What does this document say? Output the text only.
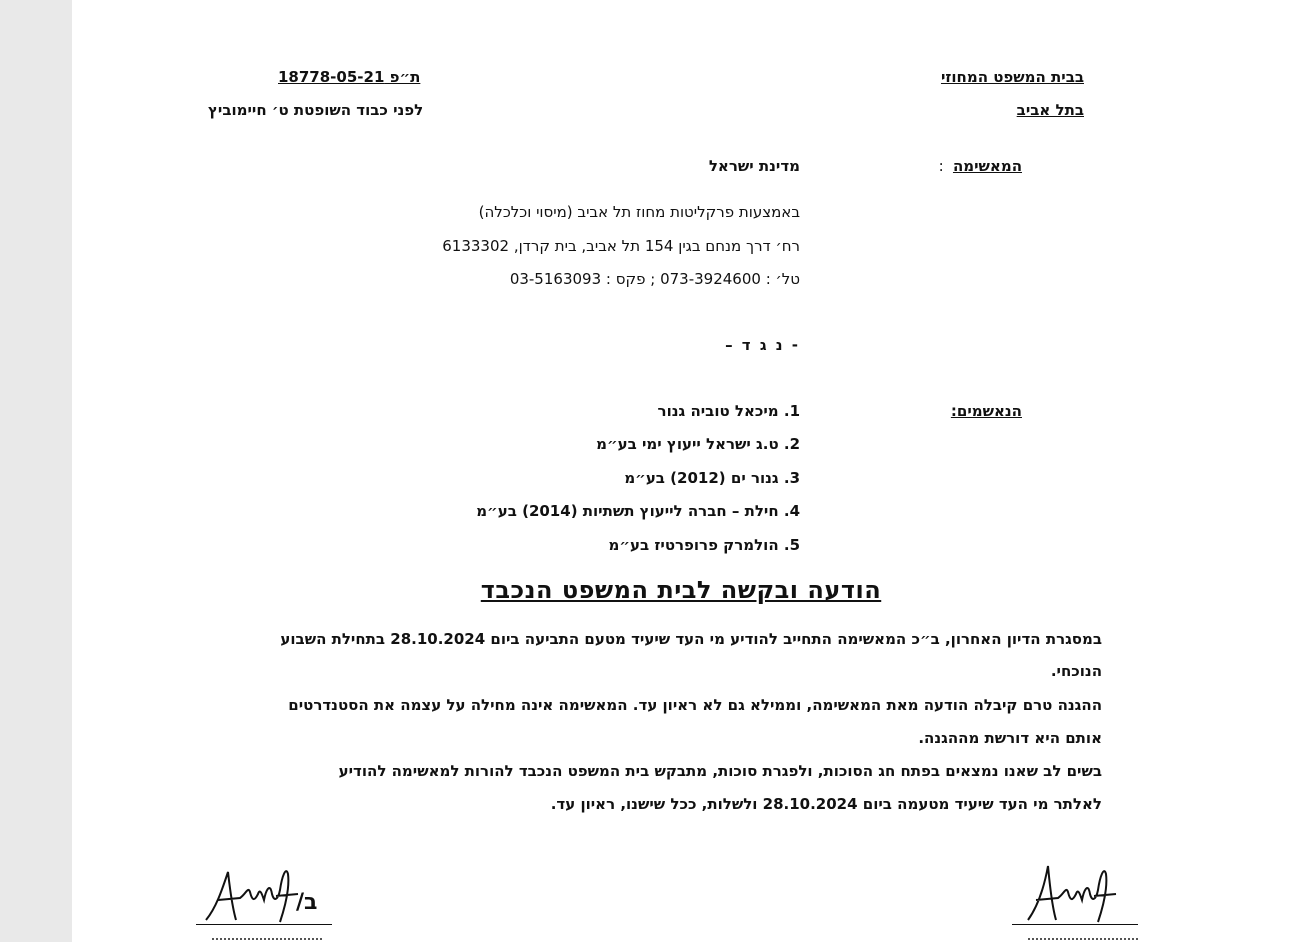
בבית המשפט המחוזי
בתל אביב
ת״פ 18778-05-21
לפני כבוד השופטת ט׳ חיימוביץ
המאשימה :
מדינת ישראל
באמצעות פרקליטות מחוז תל אביב (מיסוי וכלכלה)
רח׳ דרך מנחם בגין 154 תל אביב, בית קרדן, 6133302
טל׳ : 073-3924600 ; פקס : 03-5163093
- נ ג ד –
הנאשמים:
1. מיכאל טוביה גנור
2. ט.ג ישראל ייעוץ ימי בע״מ
3. גנור ים (2012) בע״מ
4. חילת – חברה לייעוץ תשתיות (2014) בע״מ
5. הולמרק פרופרטיז בע״מ
הודעה ובקשה לבית המשפט הנכבד
במסגרת הדיון האחרון, ב״כ המאשימה התחייב להודיע מי העד שיעיד מטעם התביעה ביום 28.10.2024 בתחילת השבוע
הנוכחי.
ההגנה טרם קיבלה הודעה מאת המאשימה, וממילא גם לא ראיון עד. המאשימה אינה מחילה על עצמה את הסטנדרטים
אותם היא דורשת מההגנה.
בשים לב שאנו נמצאים בפתח חג הסוכות, ולפגרת סוכות, מתבקש בית המשפט הנכבד להורות למאשימה להודיע
לאלתר מי העד שיעיד מטעמה ביום 28.10.2024 ולשלות, ככל שישנו, ראיון עד.
ב/
